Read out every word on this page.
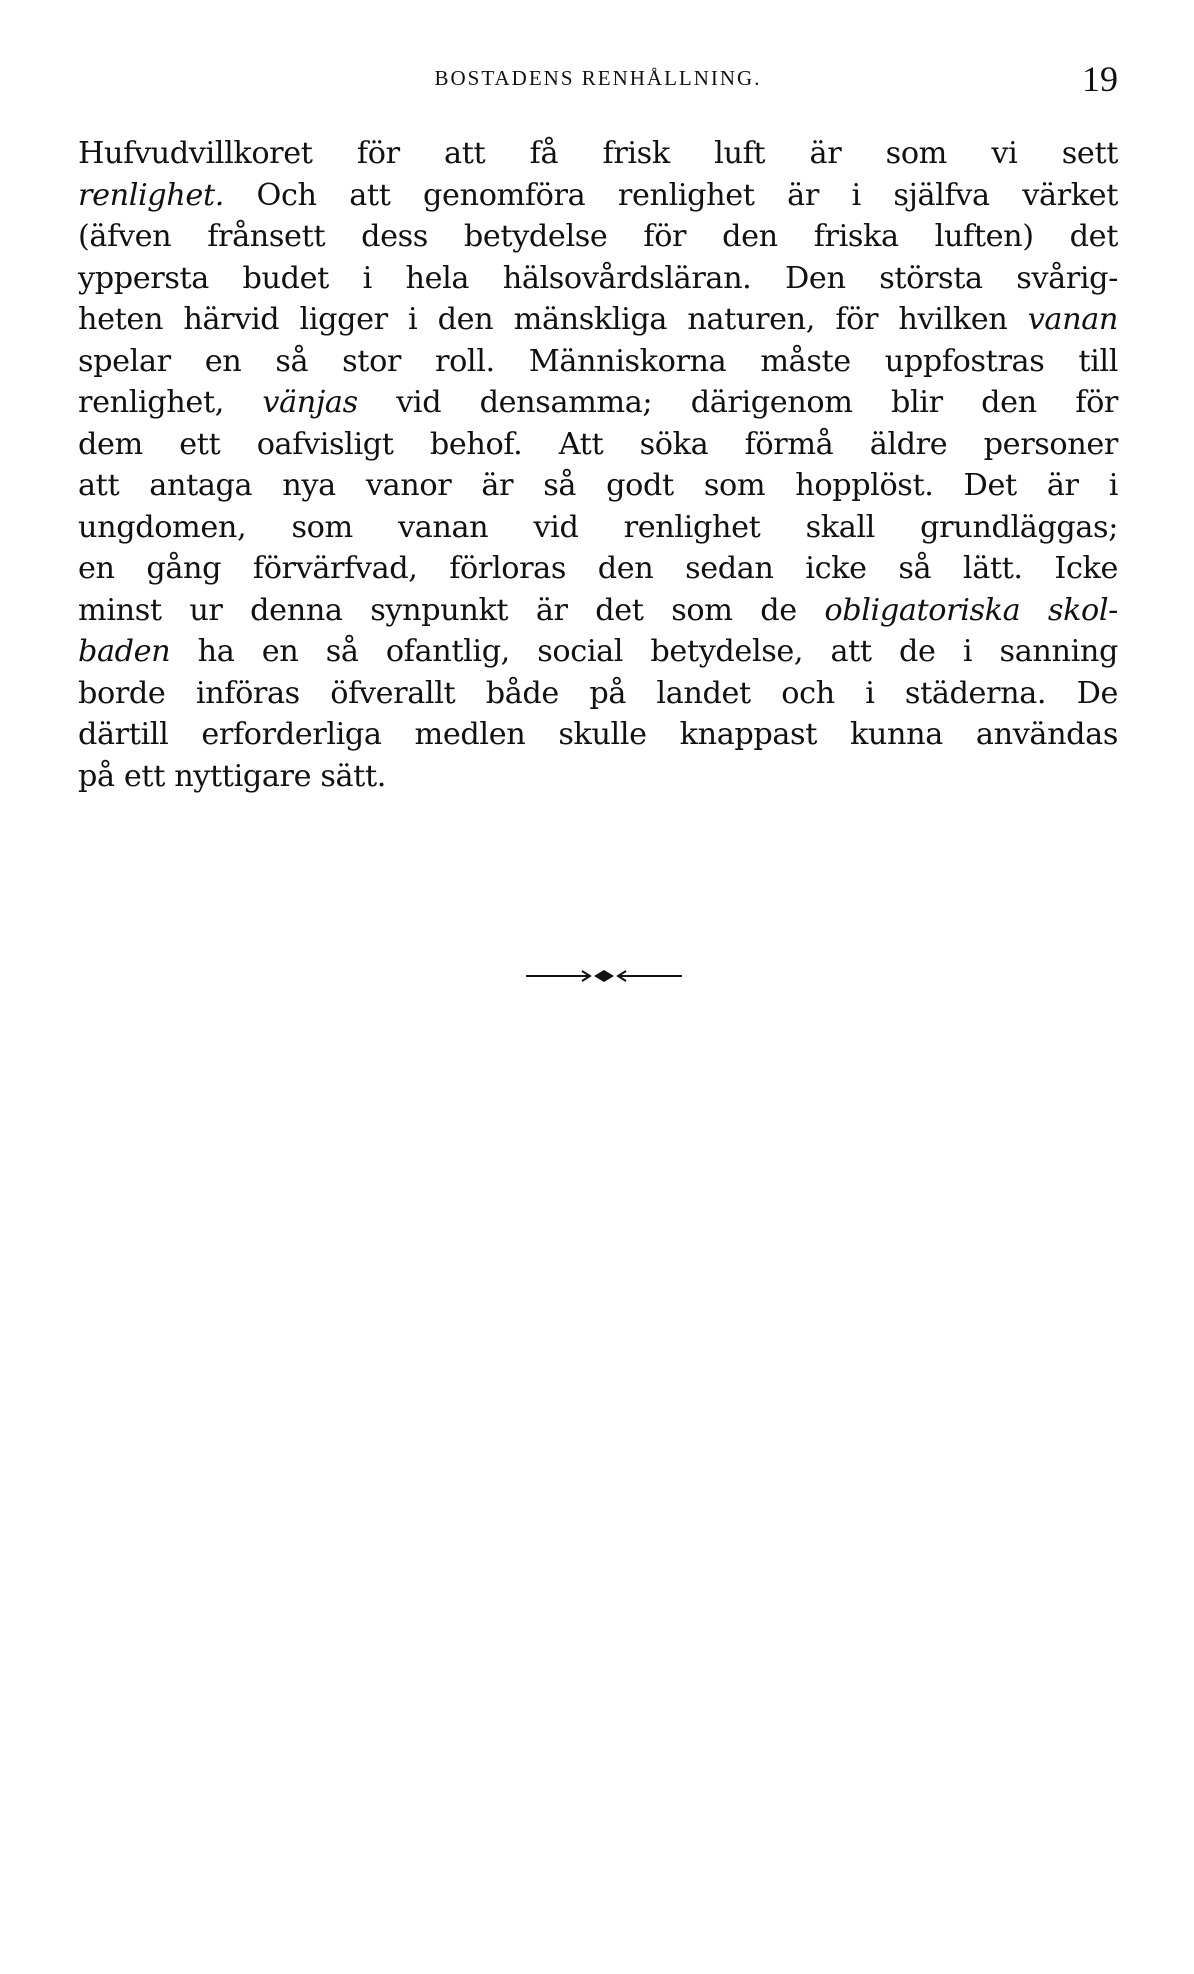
BOSTADENS RENHÅLLNING.	19
Hufvudvillkoret för att få frisk luft är som vi sett
renlighet. Och att genomföra renlighet är i själfva värket
(äfven frånsett dess betydelse för den friska luften) det
yppersta budet i hela hälsovårdsläran. Den största svårig-
heten härvid ligger i den mänskliga naturen, för hvilken vanan
spelar en så stor roll. Människorna måste uppfostras till
renlighet, vänjas vid densamma; därigenom blir den för
dem ett oafvisligt behof. Att söka förmå äldre personer
att antaga nya vanor är så godt som hopplöst. Det är i
ungdomen, som vanan vid renlighet skall grundläggas;
en gång förvärfvad, förloras den sedan icke så lätt. Icke
minst ur denna synpunkt är det som de obligatoriska skol-
baden ha en så ofantlig, social betydelse, att de i sanning
borde införas öfverallt både på landet och i städerna. De
därtill erforderliga medlen skulle knappast kunna användas
på ett nyttigare sätt.
